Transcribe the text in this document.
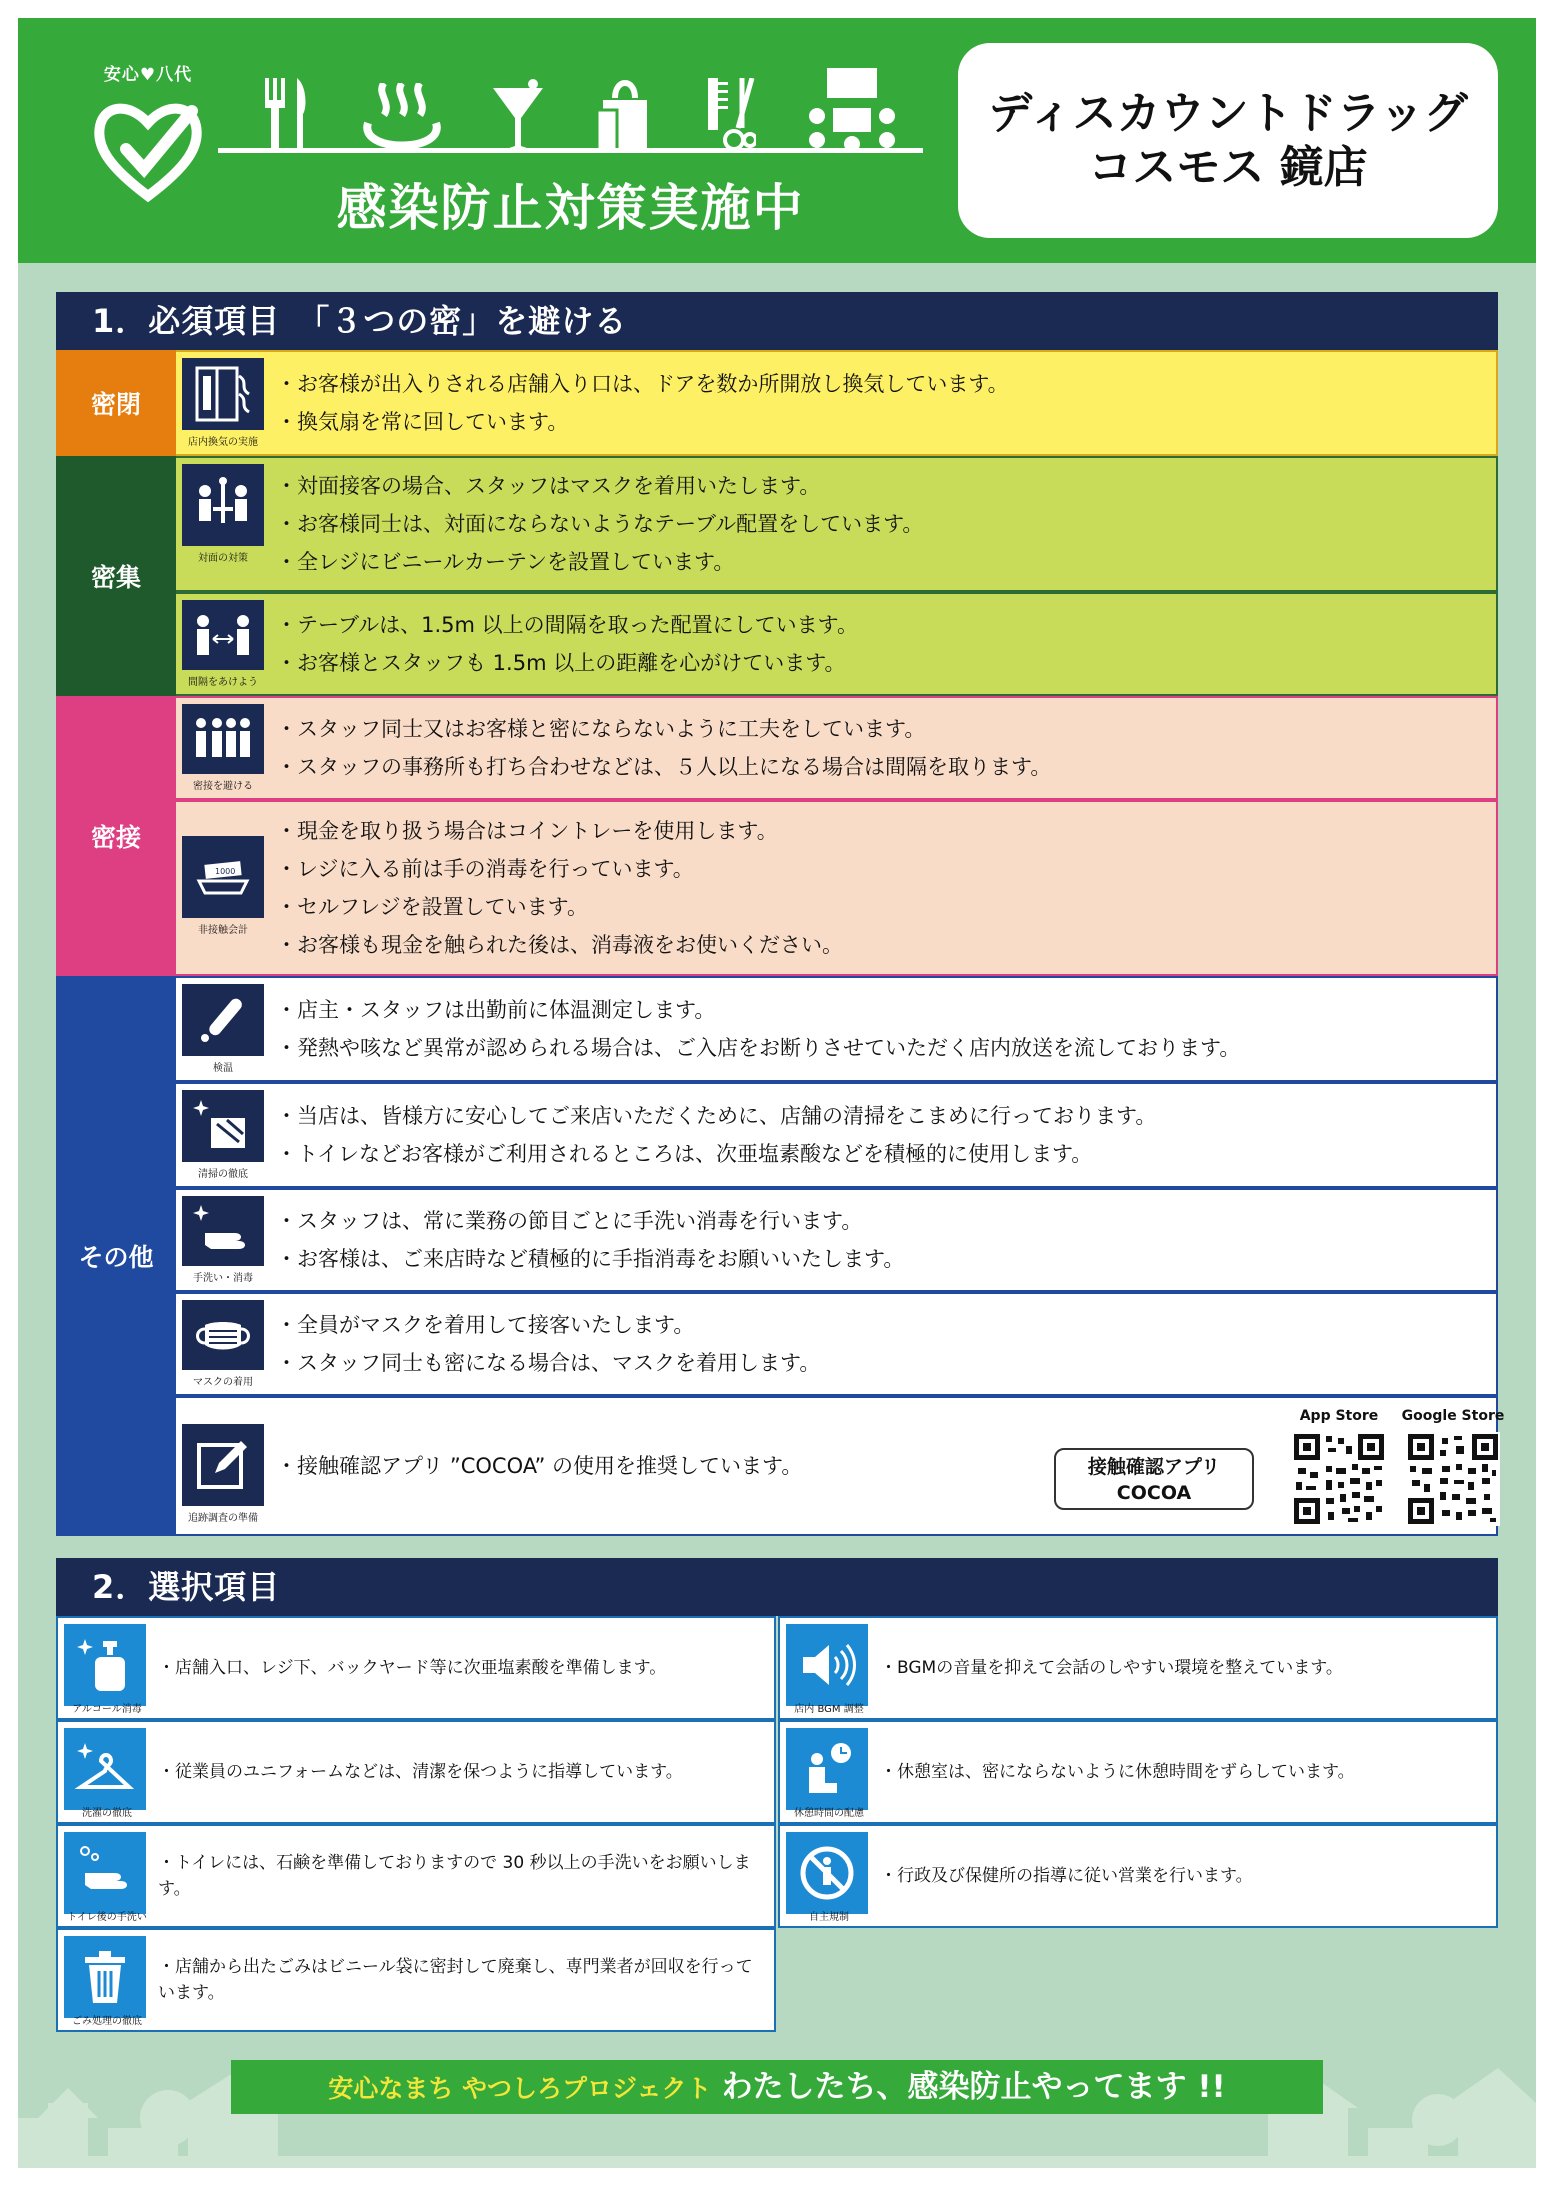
安心♥八代
感染防止対策実施中
ディスカウントドラッグ
コスモス 鏡店
1．必須項目　「３つの密」を避ける
密閉
店内換気の実施
・お客様が出入りされる店舗入り口は、ドアを数か所開放し換気しています。
・換気扇を常に回しています。
密集
対面の対策
・対面接客の場合、スタッフはマスクを着用いたします。
・お客様同士は、対面にならないようなテーブル配置をしています。
・全レジにビニールカーテンを設置しています。
間隔をあけよう
・テーブルは、1.5m 以上の間隔を取った配置にしています。
・お客様とスタッフも 1.5m 以上の距離を心がけています。
密接
密接を避ける
・スタッフ同士又はお客様と密にならないように工夫をしています。
・スタッフの事務所も打ち合わせなどは、５人以上になる場合は間隔を取ります。
1000
非接触会計
・現金を取り扱う場合はコイントレーを使用します。
・レジに入る前は手の消毒を行っています。
・セルフレジを設置しています。
・お客様も現金を触られた後は、消毒液をお使いください。
その他
検温
・店主・スタッフは出勤前に体温測定します。
・発熱や咳など異常が認められる場合は、ご入店をお断りさせていただく店内放送を流しております。
清掃の徹底
・当店は、皆様方に安心してご来店いただくために、店舗の清掃をこまめに行っております。
・トイレなどお客様がご利用されるところは、次亜塩素酸などを積極的に使用します。
手洗い・消毒
・スタッフは、常に業務の節目ごとに手洗い消毒を行います。
・お客様は、ご来店時など積極的に手指消毒をお願いいたします。
マスクの着用
・全員がマスクを着用して接客いたします。
・スタッフ同士も密になる場合は、マスクを着用します。
追跡調査の準備
・接触確認アプリ ”COCOA” の使用を推奨しています。	接触確認アプリ
COCOA
App Store	Google Store
2．選択項目
アルコール消毒
・店舗入口、レジ下、バックヤード等に次亜塩素酸を準備します。
店内 BGM 調整
・BGMの音量を抑えて会話のしやすい環境を整えています。
洗濯の徹底
・従業員のユニフォームなどは、清潔を保つように指導しています。
休憩時間の配慮
・休憩室は、密にならないように休憩時間をずらしています。
トイレ後の手洗い
・トイレには、石鹸を準備しておりますので 30 秒以上の手洗いをお願いします。
自主規制
・行政及び保健所の指導に従い営業を行います。
ごみ処理の徹底
・店舗から出たごみはビニール袋に密封して廃棄し、専門業者が回収を行っています。
安心なまち やつしろプロジェクト わたしたち、感染防止やってます !!
